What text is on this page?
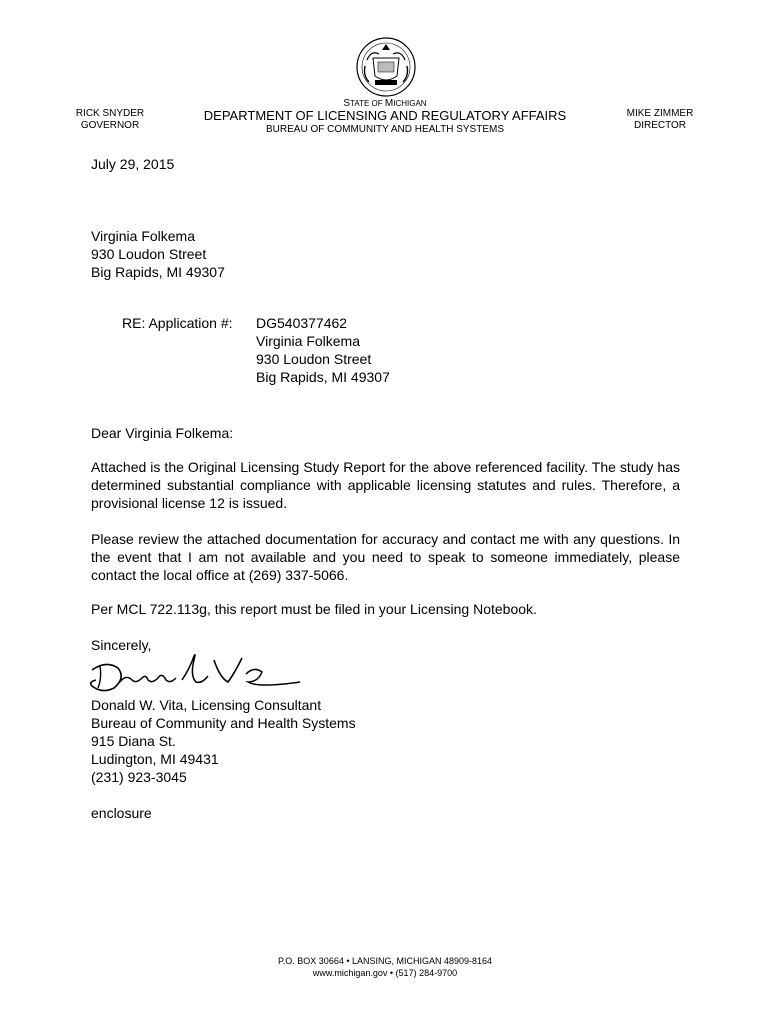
RICK SNYDER
GOVERNOR
STATE OF MICHIGAN
DEPARTMENT OF LICENSING AND REGULATORY AFFAIRS
BUREAU OF COMMUNITY AND HEALTH SYSTEMS
MIKE ZIMMER
DIRECTOR
July 29, 2015
Virginia Folkema
930 Loudon Street
Big Rapids, MI 49307
RE: Application #: DG540377462
Virginia Folkema
930 Loudon Street
Big Rapids, MI 49307
Dear Virginia Folkema:
Attached is the Original Licensing Study Report for the above referenced facility. The study has determined substantial compliance with applicable licensing statutes and rules. Therefore, a provisional license 12 is issued.
Please review the attached documentation for accuracy and contact me with any questions. In the event that I am not available and you need to speak to someone immediately, please contact the local office at (269) 337-5066.
Per MCL 722.113g, this report must be filed in your Licensing Notebook.
Sincerely,
Donald W. Vita, Licensing Consultant
Bureau of Community and Health Systems
915 Diana St.
Ludington, MI 49431
(231) 923-3045
enclosure
P.O. BOX 30664 • LANSING, MICHIGAN 48909-8164
www.michigan.gov • (517) 284-9700
